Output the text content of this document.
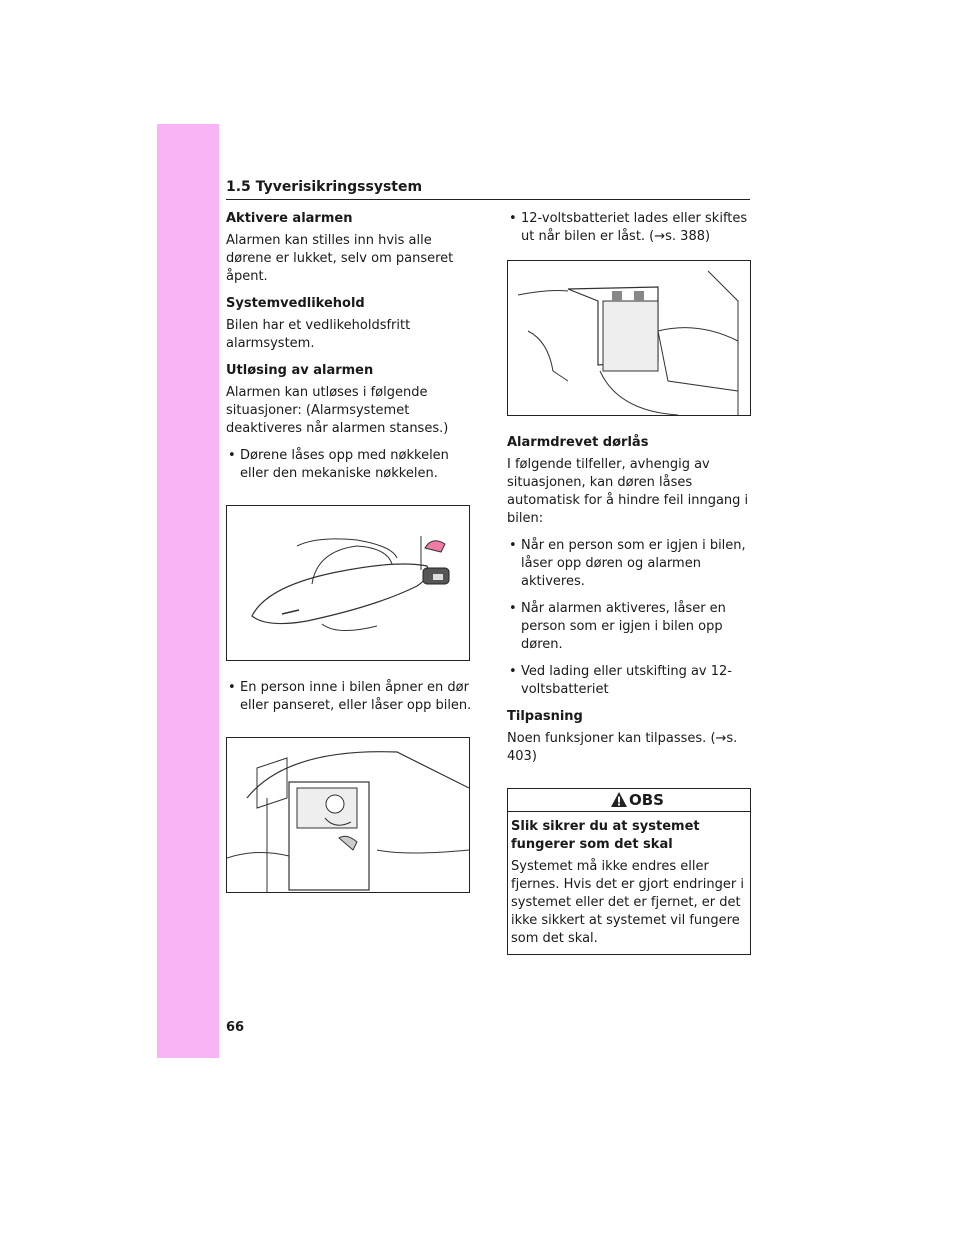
1.5 Tyverisikringssystem
Aktivere alarmen
Alarmen kan stilles inn hvis alle dørene er lukket, selv om panseret åpent.
Systemvedlikehold
Bilen har et vedlikeholdsfritt alarmsystem.
Utløsing av alarmen
Alarmen kan utløses i følgende situasjoner: (Alarmsystemet deaktiveres når alarmen stanses.)
• Dørene låses opp med nøkkelen eller den mekaniske nøkkelen.
• En person inne i bilen åpner en dør eller panseret, eller låser opp bilen.
• 12-voltsbatteriet lades eller skiftes ut når bilen er låst. (→s. 388)
Alarmdrevet dørlås
I følgende tilfeller, avhengig av situasjonen, kan døren låses automatisk for å hindre feil inngang i bilen:
• Når en person som er igjen i bilen, låser opp døren og alarmen aktiveres.
• Når alarmen aktiveres, låser en person som er igjen i bilen opp døren.
• Ved lading eller utskifting av 12-voltsbatteriet
Tilpasning
Noen funksjoner kan tilpasses. (→s. 403)
OBS
Slik sikrer du at systemet fungerer som det skal
Systemet må ikke endres eller fjernes. Hvis det er gjort endringer i systemet eller det er fjernet, er det ikke sikkert at systemet vil fungere som det skal.
66
